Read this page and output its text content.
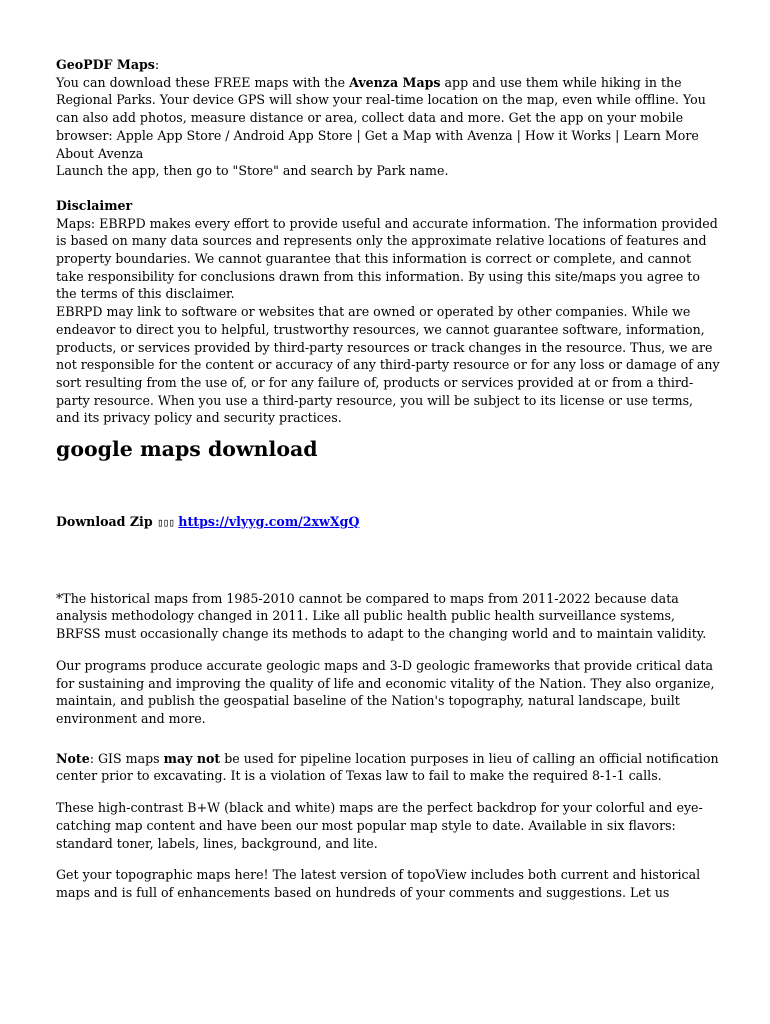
GeoPDF Maps:
You can download these FREE maps with the Avenza Maps app and use them while hiking in the Regional Parks. Your device GPS will show your real-time location on the map, even while offline. You can also add photos, measure distance or area, collect data and more. Get the app on your mobile browser: Apple App Store / Android App Store | Get a Map with Avenza | How it Works | Learn More About Avenza
Launch the app, then go to "Store" and search by Park name.

Disclaimer
Maps: EBRPD makes every effort to provide useful and accurate information. The information provided is based on many data sources and represents only the approximate relative locations of features and property boundaries. We cannot guarantee that this information is correct or complete, and cannot take responsibility for conclusions drawn from this information. By using this site/maps you agree to the terms of this disclaimer.
EBRPD may link to software or websites that are owned or operated by other companies. While we endeavor to direct you to helpful, trustworthy resources, we cannot guarantee software, information, products, or services provided by third-party resources or track changes in the resource. Thus, we are not responsible for the content or accuracy of any third-party resource or for any loss or damage of any sort resulting from the use of, or for any failure of, products or services provided at or from a third-party resource. When you use a third-party resource, you will be subject to its license or use terms, and its privacy policy and security practices.

google maps download

Download Zip ▯▯▯ https://vlyyg.com/2xwXgQ

*The historical maps from 1985-2010 cannot be compared to maps from 2011-2022 because data analysis methodology changed in 2011. Like all public health public health surveillance systems, BRFSS must occasionally change its methods to adapt to the changing world and to maintain validity.

Our programs produce accurate geologic maps and 3-D geologic frameworks that provide critical data for sustaining and improving the quality of life and economic vitality of the Nation. They also organize, maintain, and publish the geospatial baseline of the Nation's topography, natural landscape, built environment and more.

Note: GIS maps may not be used for pipeline location purposes in lieu of calling an official notification center prior to excavating. It is a violation of Texas law to fail to make the required 8-1-1 calls.

These high-contrast B+W (black and white) maps are the perfect backdrop for your colorful and eye-catching map content and have been our most popular map style to date. Available in six flavors: standard toner, labels, lines, background, and lite.

Get your topographic maps here! The latest version of topoView includes both current and historical maps and is full of enhancements based on hundreds of your comments and suggestions. Let us
